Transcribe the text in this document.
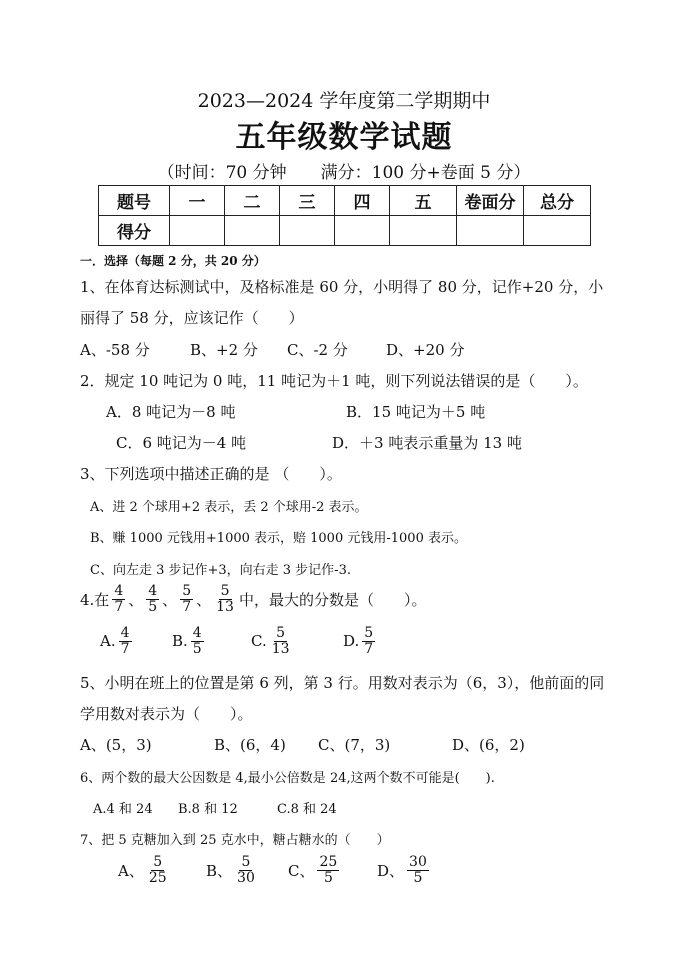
2023—2024 学年度第二学期期中
五年级数学试题
（时间：70 分钟 满分：100 分+卷面 5 分）
题号	一	二	三	四	五	卷面分	总分
得分							
一．选择（每题 2 分，共 20 分）
1、在体育达标测试中，及格标准是 60 分，小明得了 80 分，记作+20 分，小
丽得了 58 分，应该记作（　　）
A、-58 分	B、+2 分 C、-2 分	D、+20 分
2．规定 10 吨记为 0 吨，11 吨记为＋1 吨，则下列说法错误的是（　　）。
A．8 吨记为－8 吨	B．15 吨记为＋5 吨
C．6 吨记为－4 吨	D．＋3 吨表示重量为 13 吨
3、下列选项中描述正确的是 （　　）。
A、进 2 个球用+2 表示，丢 2 个球用-2 表示。
B、赚 1000 元钱用+1000 表示，赔 1000 元钱用-1000 表示。
C、向左走 3 步记作+3，向右走 3 步记作-3.
4.在 $\frac{4}{7}$ 、 $\frac{4}{5}$ 、 $\frac{5}{7}$ 、 $\frac{5}{13}$ 中，最大的分数是（　　）。
A. $\frac{4}{7}$	B. $\frac{4}{5}$	C. $\frac{5}{13}$	D. $\frac{5}{7}$
5、小明在班上的位置是第 6 列，第 3 行。用数对表示为（6，3），他前面的同
学用数对表示为（　　）。
A、(5，3)	B、(6，4) C、(7，3)	D、(6，2)
6、两个数的最大公因数是 4,最小公倍数是 24,这两个数不可能是(　　).
A.4 和 24 B.8 和 12	C.8 和 24
7、把 5 克糖加入到 25 克水中，糖占糖水的（　　）
A、 $\frac{5}{25}$ B、 $\frac{5}{30}$ C、 $\frac{25}{5}$	D、 $\frac{30}{5}$
